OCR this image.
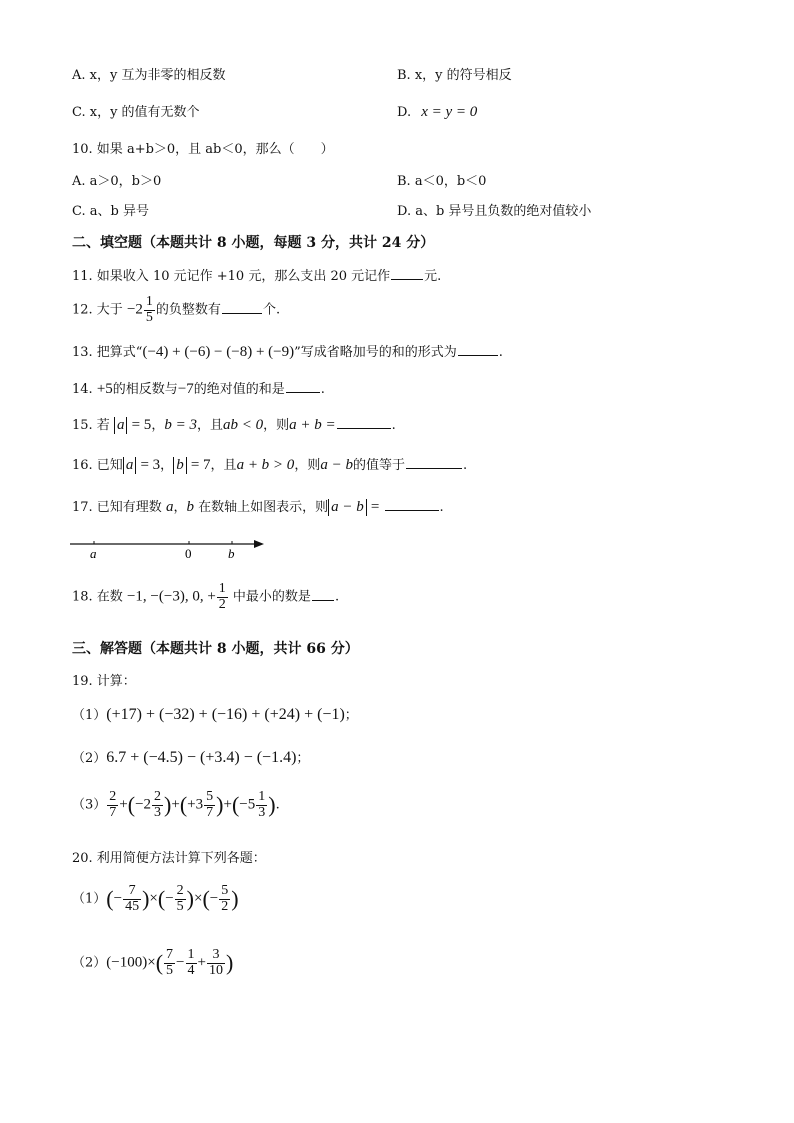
A. x，y 互为非零的相反数	B. x，y 的符号相反
C. x，y 的值有无数个	D. x = y = 0
10. 如果 a+b＞0，且 ab＜0，那么（　　）
A. a＞0，b＞0	B. a＜0，b＜0
C. a、b 异号	D. a、b 异号且负数的绝对值较小
二、填空题（本题共计 8 小题，每题 3 分，共计 24 分）
11. 如果收入 10 元记作 +10 元，那么支出 20 元记作	元.
12. 大于 $-2 \frac{1}{5}$ 的负整数有	个.
13. 把算式“(−4) + (−6) − (−8) + (−9)”写成省略加号的和的形式为	.
14. +5的相反数与−7的绝对值的和是	.
15. 若 a = 5，b = 3，且ab < 0，则a + b =	.
16. 已知 a = 3， b = 7，且a + b > 0，则a − b的值等于	.
17. 已知有理数 a，b 在数轴上如图表示，则 a − b =	.
a	0	b
18. 在数 −1, −(−3), 0, + $\frac{1}{2}$ 中最小的数是 .
三、解答题（本题共计 8 小题，共计 66 分）
19. 计算：
（1）(+17) + (−32) + (−16) + (+24) + (−1)；
（2）6.7 + (−4.5) − (+3.4) − (−1.4)；
$(3) \frac{2}{7} +(-2 \frac{2}{3} )+(+3 \frac{5}{7} )+(-5 \frac{1}{3}$ ).
20. 利用简便方法计算下列各题：
$(1)(- \frac{7}{45}$ )×(− $\frac{2}{5}$ )×(− $\frac{5}{2}$ )
$(2)(-100)\times( \frac{7}{5} - \frac{1}{4} + \frac{3}{10}$ )
